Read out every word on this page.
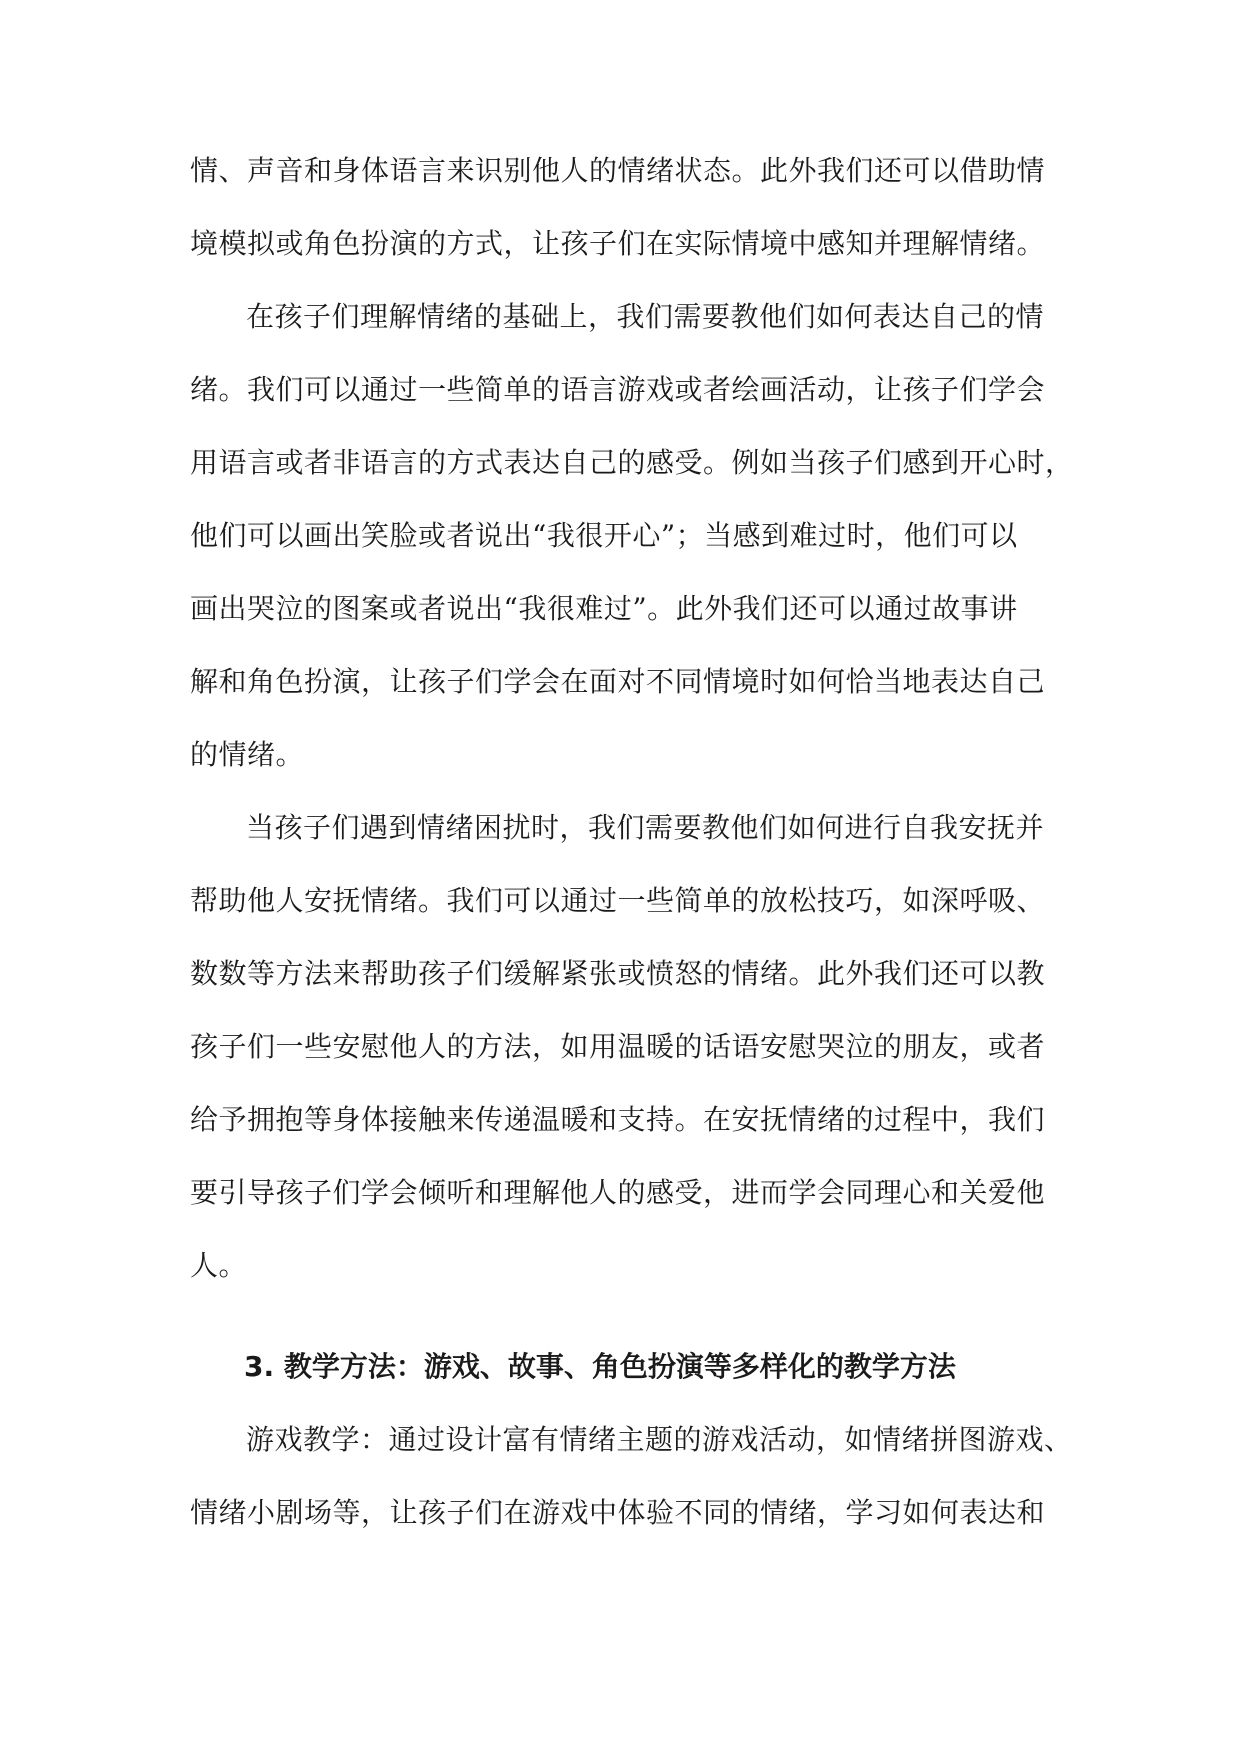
情、声音和身体语言来识别他人的情绪状态。此外我们还可以借助情
境模拟或角色扮演的方式，让孩子们在实际情境中感知并理解情绪。
在孩子们理解情绪的基础上，我们需要教他们如何表达自己的情
绪。我们可以通过一些简单的语言游戏或者绘画活动，让孩子们学会
用语言或者非语言的方式表达自己的感受。例如当孩子们感到开心时，
他们可以画出笑脸或者说出“我很开心”；当感到难过时，他们可以
画出哭泣的图案或者说出“我很难过”。此外我们还可以通过故事讲
解和角色扮演，让孩子们学会在面对不同情境时如何恰当地表达自己
的情绪。
当孩子们遇到情绪困扰时，我们需要教他们如何进行自我安抚并
帮助他人安抚情绪。我们可以通过一些简单的放松技巧，如深呼吸、
数数等方法来帮助孩子们缓解紧张或愤怒的情绪。此外我们还可以教
孩子们一些安慰他人的方法，如用温暖的话语安慰哭泣的朋友，或者
给予拥抱等身体接触来传递温暖和支持。在安抚情绪的过程中，我们
要引导孩子们学会倾听和理解他人的感受，进而学会同理心和关爱他
人。
3. 教学方法：游戏、故事、角色扮演等多样化的教学方法
游戏教学：通过设计富有情绪主题的游戏活动，如情绪拼图游戏、
情绪小剧场等，让孩子们在游戏中体验不同的情绪，学习如何表达和
